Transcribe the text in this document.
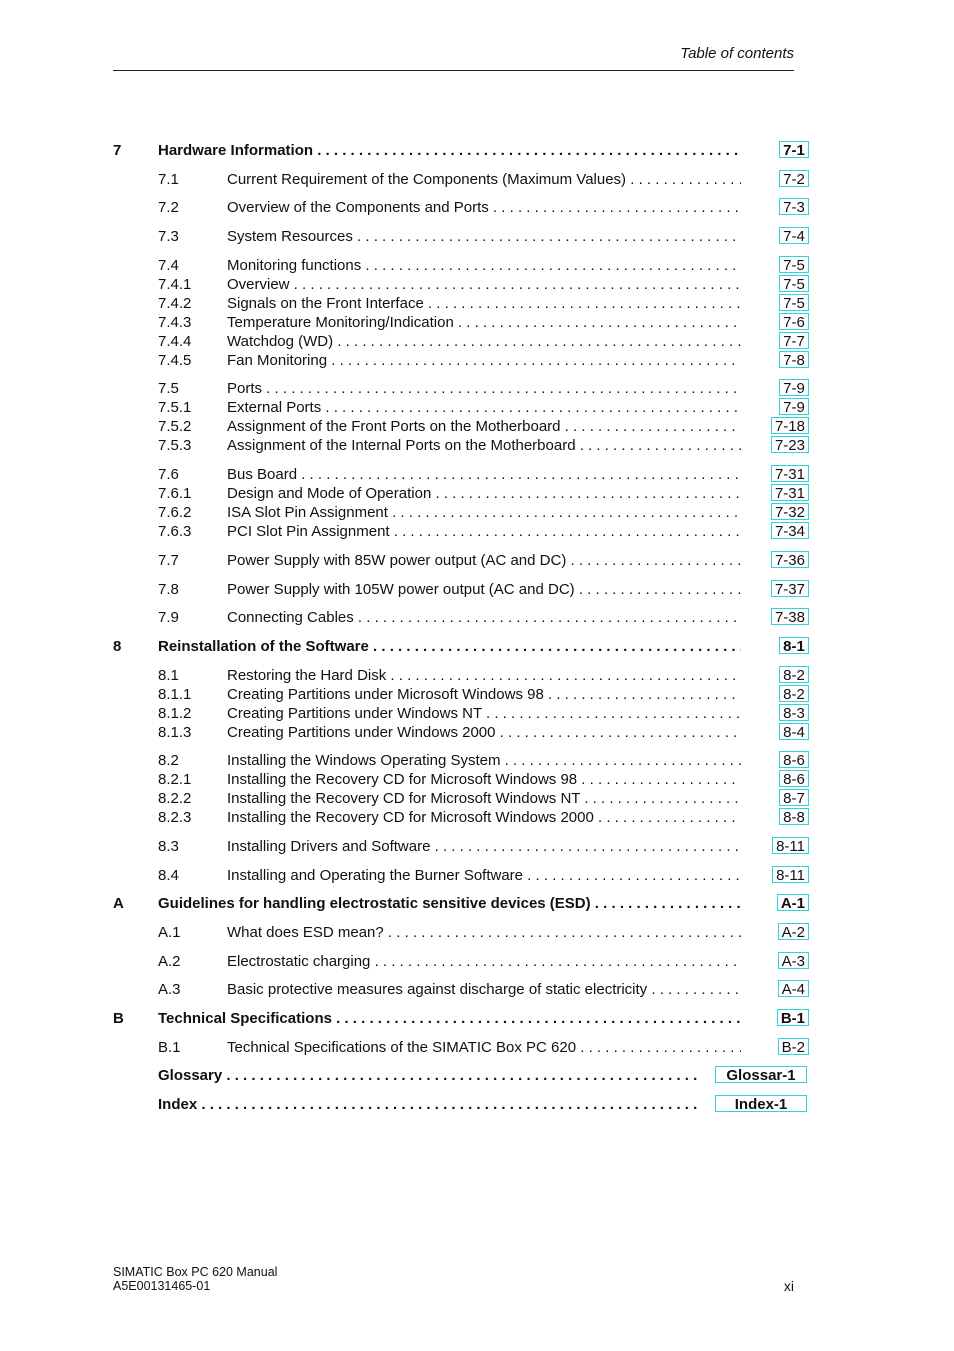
Table of contents
7 Hardware Information . . .	7-1
7.1	Current Requirement of the Components (Maximum Values) . . .	7-2
7.2	Overview of the Components and Ports . . .	7-3
7.3	System Resources . . .	7-4
7.4	Monitoring functions . . .	7-5
7.4.1 Overview . . .	7-5
7.4.2 Signals on the Front Interface . . .	7-5
7.4.3 Temperature Monitoring/Indication . . .	7-6
7.4.4 Watchdog (WD) . . .	7-7
7.4.5 Fan Monitoring . . .	7-8
7.5	Ports . . .	7-9
7.5.1 External Ports . . .	7-9
7.5.2 Assignment of the Front Ports on the Motherboard . . .	7-18
7.5.3 Assignment of the Internal Ports on the Motherboard . . .	7-23
7.6	Bus Board . . .	7-31
7.6.1 Design and Mode of Operation . . .	7-31
7.6.2 ISA Slot Pin Assignment . . .	7-32
7.6.3 PCI Slot Pin Assignment . . .	7-34
7.7	Power Supply with 85W power output (AC and DC) . . .	7-36
7.8	Power Supply with 105W power output (AC and DC) . . .	7-37
7.9	Connecting Cables . . .	7-38
8 Reinstallation of the Software . . .	8-1
8.1	Restoring the Hard Disk . . .	8-2
8.1.1 Creating Partitions under Microsoft Windows 98 . . .	8-2
8.1.2 Creating Partitions under Windows NT . . .	8-3
8.1.3 Creating Partitions under Windows 2000 . . .	8-4
8.2	Installing the Windows Operating System . . .	8-6
8.2.1 Installing the Recovery CD for Microsoft Windows 98 . . .	8-6
8.2.2 Installing the Recovery CD for Microsoft Windows NT . . .	8-7
8.2.3 Installing the Recovery CD for Microsoft Windows 2000 . . .	8-8
8.3	Installing Drivers and Software . . .	8-11
8.4	Installing and Operating the Burner Software . . .	8-11
A Guidelines for handling electrostatic sensitive devices (ESD) . . .	A-1
A.1	What does ESD mean? . . .	A-2
A.2	Electrostatic charging . . .	A-3
A.3	Basic protective measures against discharge of static electricity . . .	A-4
B Technical Specifications . . .	B-1
B.1	Technical Specifications of the SIMATIC Box PC 620 . . .	B-2
Glossary . . .	Glossar-1
Index . . .	Index-1
SIMATIC Box PC 620 Manual
A5E00131465-01	xi
